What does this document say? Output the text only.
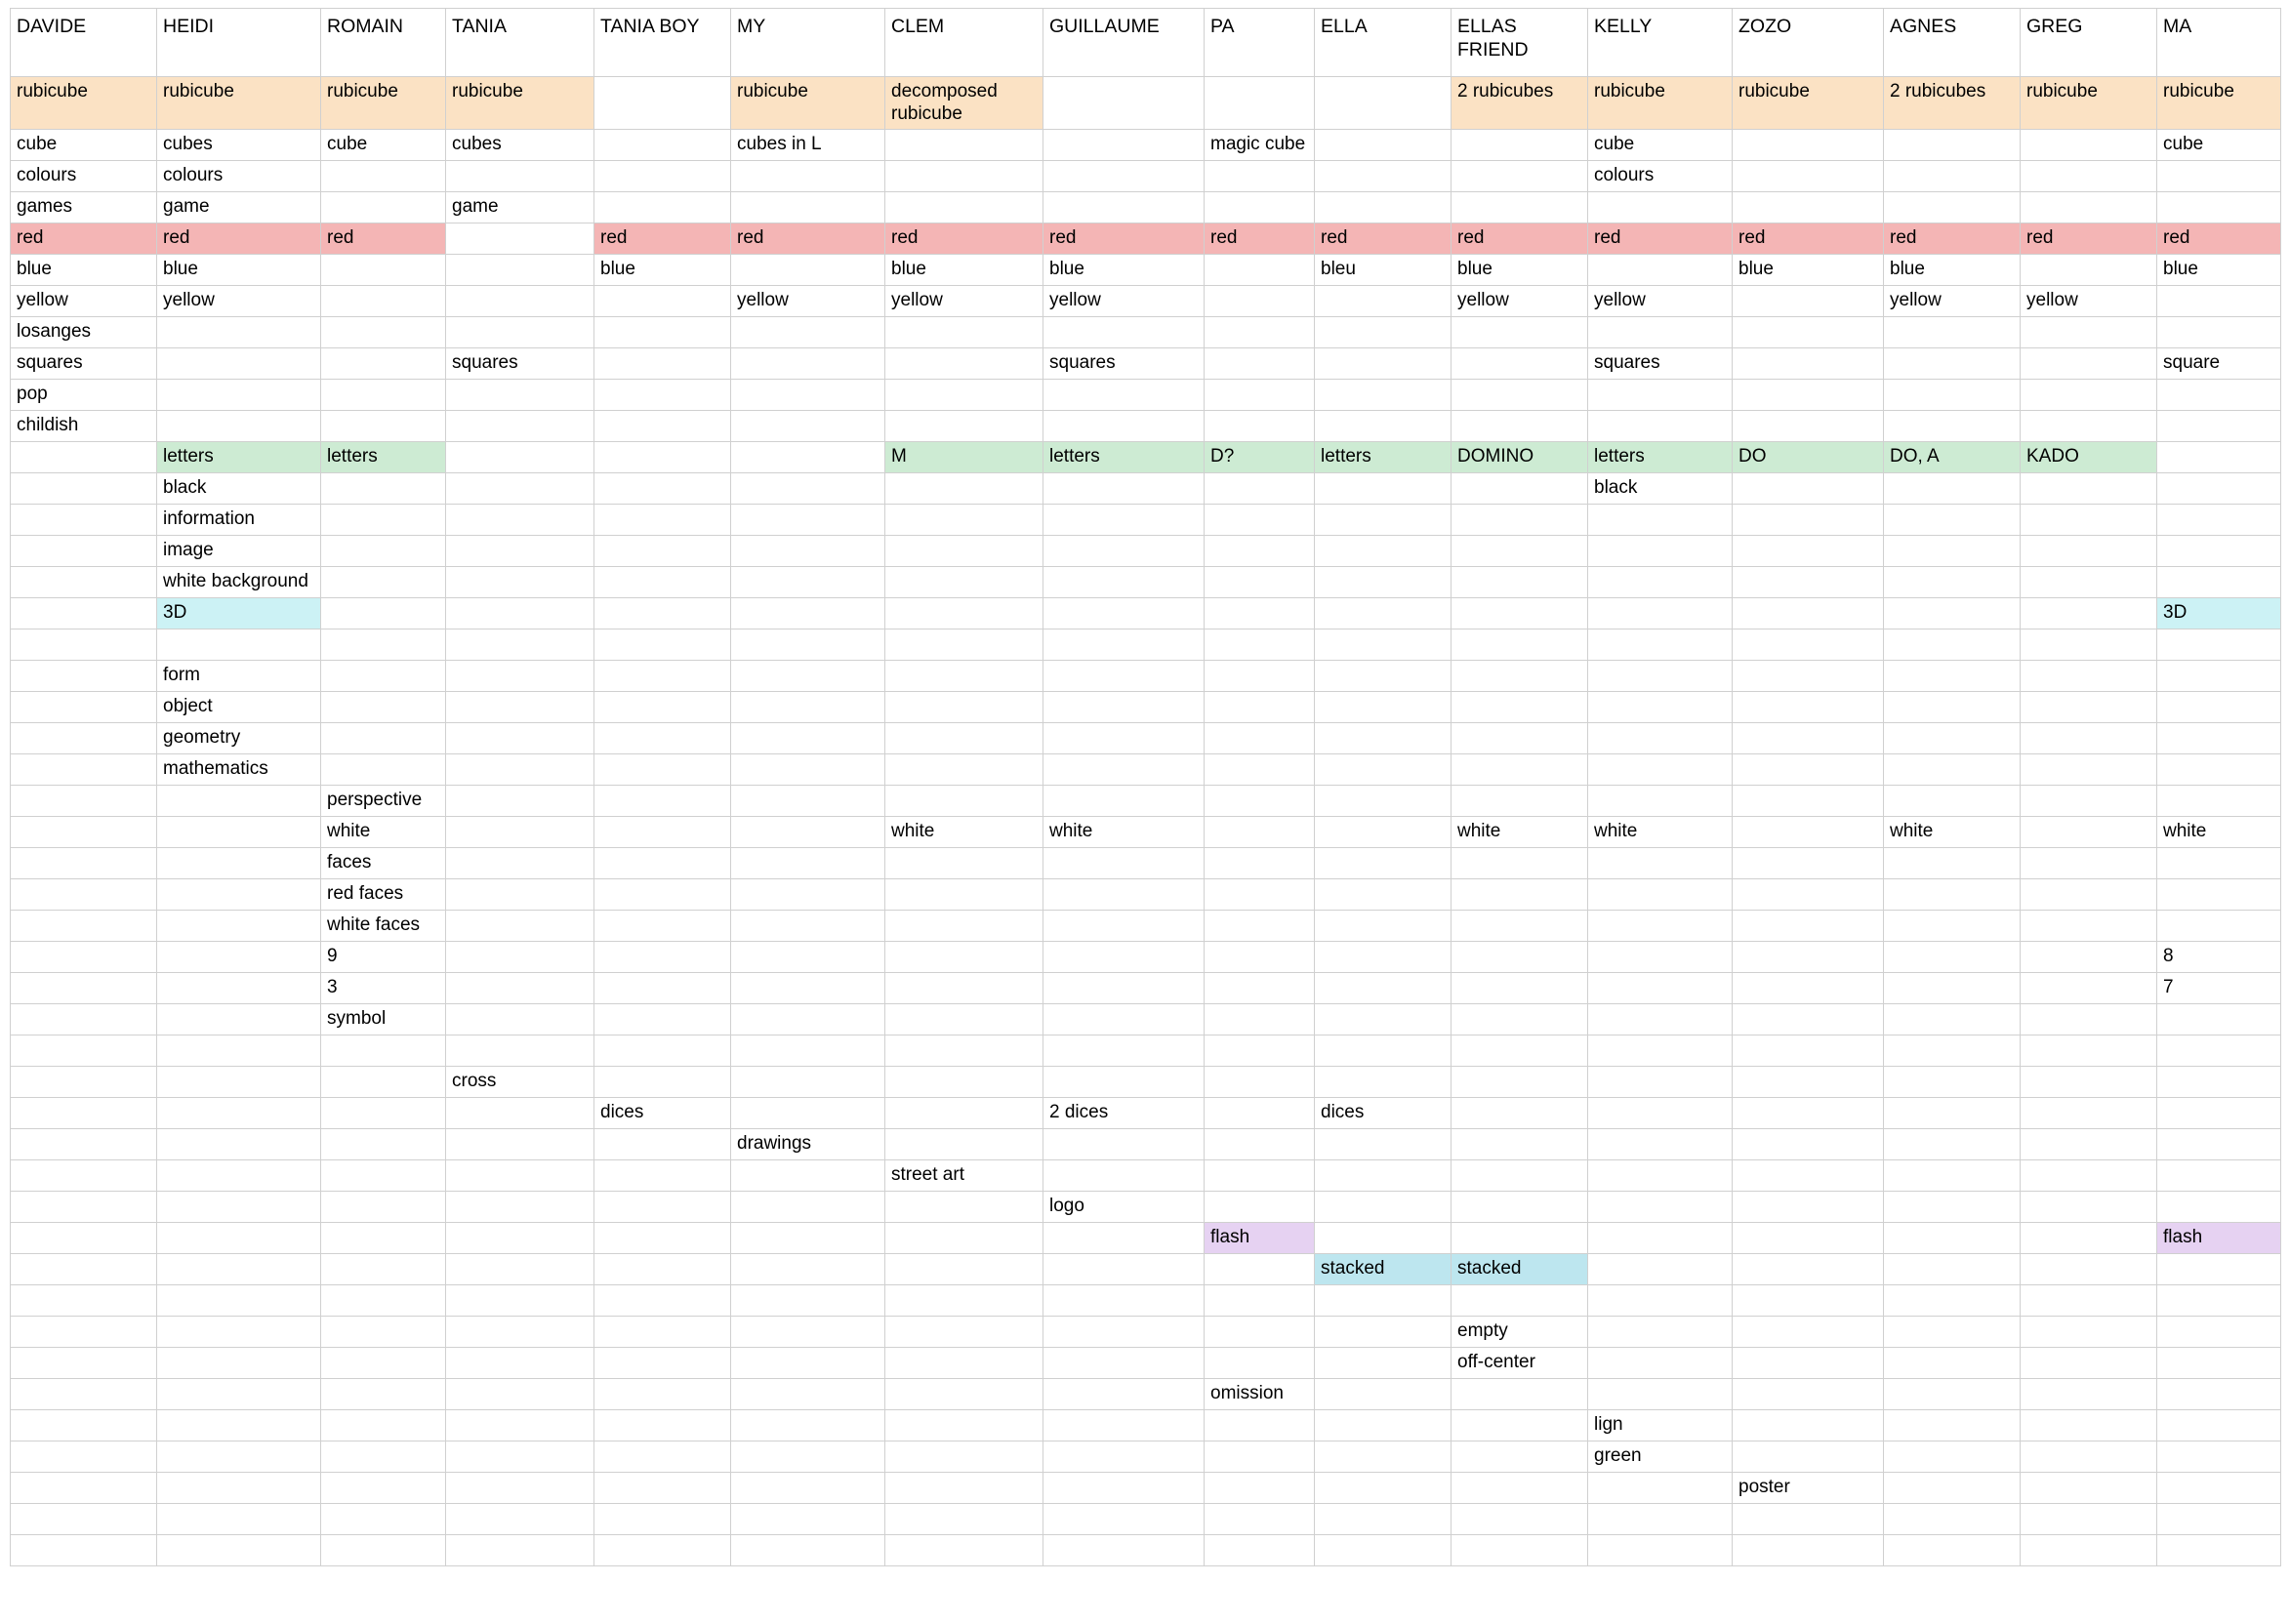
DAVIDE	HEIDI	ROMAIN	TANIA	TANIA BOY	MY	CLEM	GUILLAUME	PA	ELLA	ELLAS FRIEND	KELLY	ZOZO	AGNES	GREG	MA
rubicube	rubicube	rubicube	rubicube		rubicube	decomposed rubicube				2 rubicubes	rubicube	rubicube	2 rubicubes	rubicube	rubicube
cube	cubes	cube	cubes		cubes in L			magic cube			cube				cube
colours	colours										colours				
games	game		game												
red	red	red		red	red	red	red	red	red	red	red	red	red	red	red
blue	blue			blue		blue	blue		bleu	blue		blue	blue		blue
yellow	yellow				yellow	yellow	yellow			yellow	yellow		yellow	yellow	
losanges															
squares			squares				squares				squares				square
pop															
childish															
	letters	letters				M	letters	D?	letters	DOMINO	letters	DO	DO, A	KADO	
	black										black				
	information														
	image														
	white background														
	3D														3D

	form														
	object														
	geometry														
	mathematics														
		perspective													
		white				white	white			white	white		white		white
		faces													
		red faces													
		white faces													
		9													8
		3													7
		symbol													

			cross												
				dices			2 dices		dices						
					drawings										
						street art									
							logo								
								flash							flash
									stacked	stacked					

										empty					
										off-center					
								omission							
											lign				
											green				
												poster			
